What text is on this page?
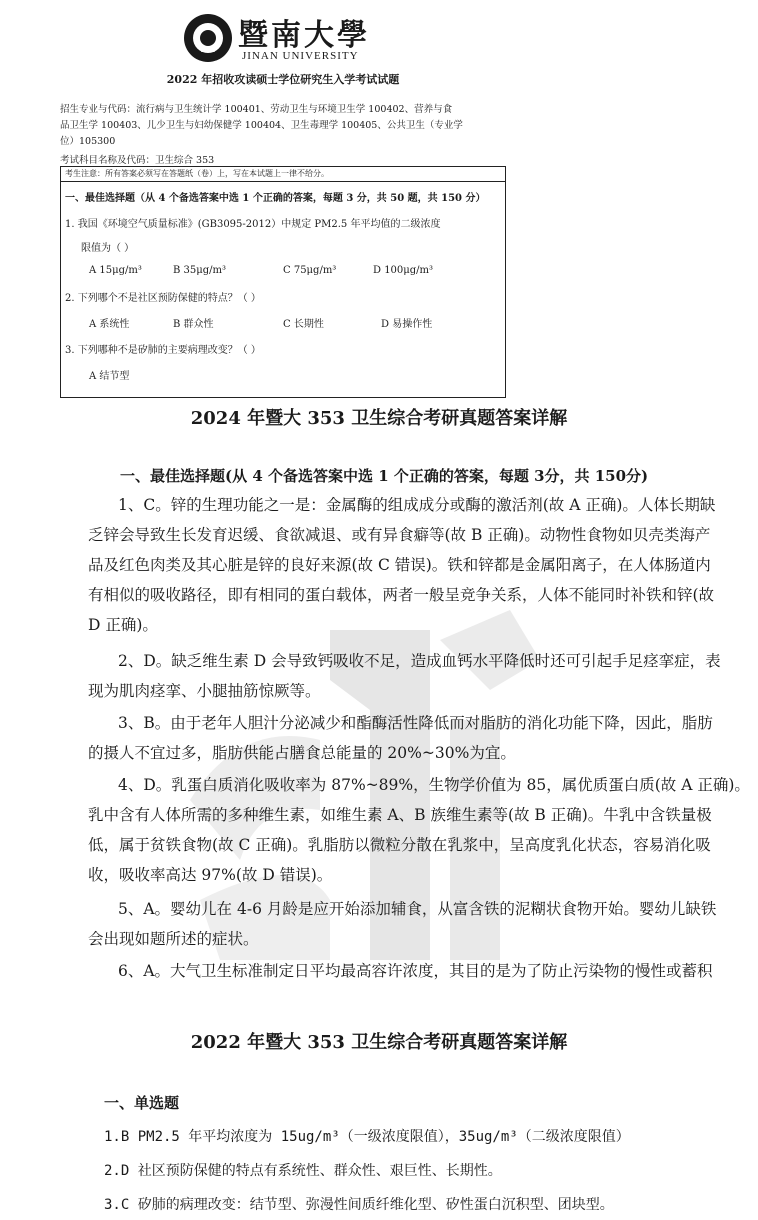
1906 暨南大學
JINAN UNIVERSITY
2022 年招收攻读硕士学位研究生入学考试试题
招生专业与代码：流行病与卫生统计学 100401、劳动卫生与环境卫生学 100402、营养与食
品卫生学 100403、儿少卫生与妇幼保健学 100404、卫生毒理学 100405、公共卫生（专业学
位）105300
考试科目名称及代码：卫生综合 353
考生注意：所有答案必须写在答题纸（卷）上，写在本试题上一律不给分。
一、最佳选择题（从 4 个备选答案中选 1 个正确的答案，每题 3 分，共 50 题，共 150 分）
1. 我国《环境空气质量标准》(GB3095-2012）中规定 PM2.5 年平均值的二级浓度
限值为（ ）
A 15μg/m³	B 35μg/m³	C 75μg/m³	D 100μg/m³
2. 下列哪个不是社区预防保健的特点？（ ）
A 系统性	B 群众性	C 长期性	D 易操作性
3. 下列哪种不是矽肺的主要病理改变？（ ）
A 结节型
2024 年暨大 353 卫生综合考研真题答案详解
一、最佳选择题(从 4 个备选答案中选 1 个正确的答案，每题 3分，共 150分)
1、C。锌的生理功能之一是：金属酶的组成成分或酶的激活剂(故 A 正确)。人体长期缺
乏锌会导致生长发育迟缓、食欲减退、或有异食癖等(故 B 正确)。动物性食物如贝壳类海产
品及红色肉类及其心脏是锌的良好来源(故 C 错误)。铁和锌都是金属阳离子，在人体肠道内
有相似的吸收路径，即有相同的蛋白载体，两者一般呈竞争关系，人体不能同时补铁和锌(故
D 正确)。
2、D。缺乏维生素 D 会导致钙吸收不足，造成血钙水平降低时还可引起手足痉挛症，表
现为肌肉痉挛、小腿抽筋惊厥等。
3、B。由于老年人胆汁分泌减少和酯酶活性降低而对脂肪的消化功能下降，因此，脂肪
的摄人不宜过多，脂肪供能占膳食总能量的 20%~30%为宜。
4、D。乳蛋白质消化吸收率为 87%~89%，生物学价值为 85，属优质蛋白质(故 A 正确)。
乳中含有人体所需的多种维生素，如维生素 A、B 族维生素等(故 B 正确)。牛乳中含铁量极
低，属于贫铁食物(故 C 正确)。乳脂肪以微粒分散在乳浆中，呈高度乳化状态，容易消化吸
收，吸收率高达 97%(故 D 错误)。
5、A。婴幼儿在 4-6 月龄是应开始添加辅食，从富含铁的泥糊状食物开始。婴幼儿缺铁
会出现如题所述的症状。
6、A。大气卫生标准制定日平均最高容许浓度，其目的是为了防止污染物的慢性或蓄积
2022 年暨大 353 卫生综合考研真题答案详解
一、单选题
1.B PM2.5 年平均浓度为 15ug/m³（一级浓度限值），35ug/m³（二级浓度限值）
2.D 社区预防保健的特点有系统性、群众性、艰巨性、长期性。
3.C 矽肺的病理改变：结节型、弥漫性间质纤维化型、矽性蛋白沉积型、团块型。
